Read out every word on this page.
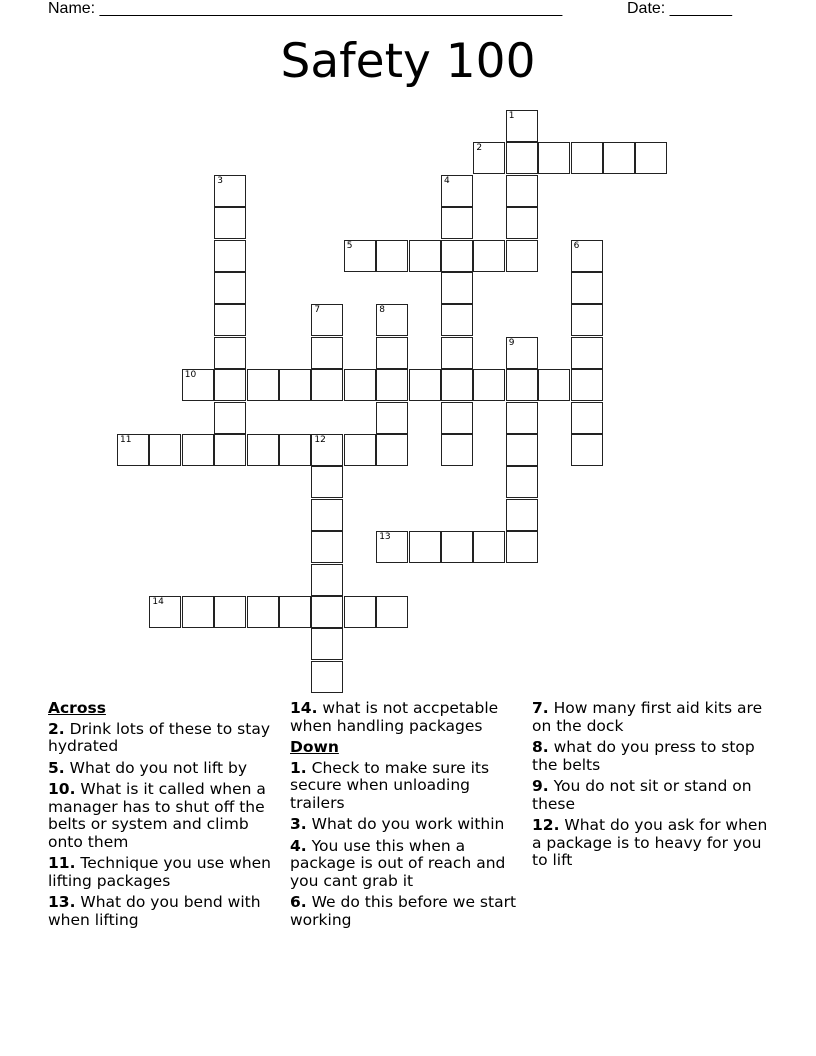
Name: ____________________________________________________	Date: _______
Safety 100
1
2
3	4
5	6
7	8
9
10
11	12
13
14
Across
2. Drink lots of these to stay hydrated
5. What do you not lift by
10. What is it called when a manager has to shut off the belts or system and climb onto them
11. Technique you use when lifting packages
13. What do you bend with when lifting
14. what is not accpetable when handling packages
Down
1. Check to make sure its secure when unloading trailers
3. What do you work within
4. You use this when a package is out of reach and you cant grab it
6. We do this before we start working
7. How many first aid kits are on the dock
8. what do you press to stop the belts
9. You do not sit or stand on these
12. What do you ask for when a package is to heavy for you to lift
